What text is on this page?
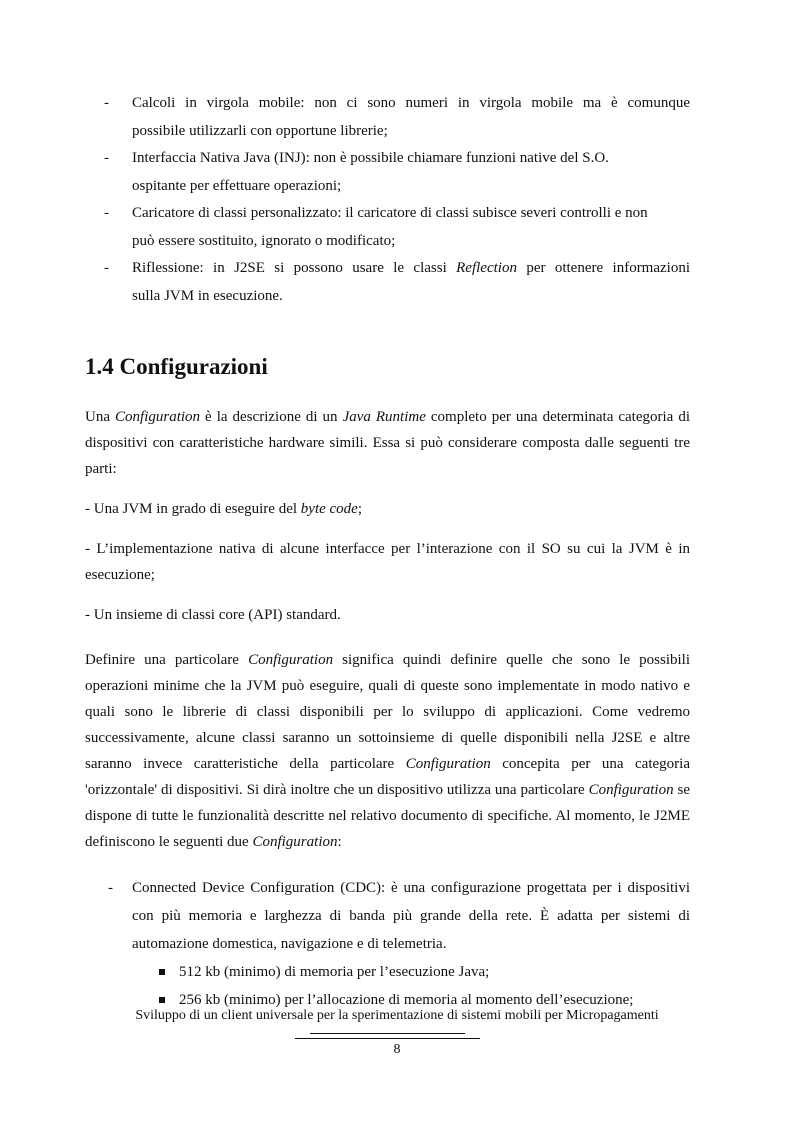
- Calcoli in virgola mobile: non ci sono numeri in virgola mobile ma è comunque
possibile utilizzarli con opportune librerie;
- Interfaccia Nativa Java (INJ): non è possibile chiamare funzioni native del S.O.
ospitante per effettuare operazioni;
- Caricatore di classi personalizzato: il caricatore di classi subisce severi controlli e non
può essere sostituito, ignorato o modificato;
- Riflessione: in J2SE si possono usare le classi Reflection per ottenere informazioni
sulla JVM in esecuzione.
1.4 Configurazioni

Una Configuration è la descrizione di un Java Runtime completo per una determinata categoria di dispositivi con caratteristiche hardware simili. Essa si può considerare composta dalle seguenti tre parti:

- Una JVM in grado di eseguire del byte code;

- L’implementazione nativa di alcune interfacce per l’interazione con il SO su cui la JVM è in esecuzione;

- Un insieme di classi core (API) standard.

Definire una particolare Configuration significa quindi definire quelle che sono le possibili operazioni minime che la JVM può eseguire, quali di queste sono implementate in modo nativo e quali sono le librerie di classi disponibili per lo sviluppo di applicazioni. Come vedremo successivamente, alcune classi saranno un sottoinsieme di quelle disponibili nella J2SE e altre saranno invece caratteristiche della particolare Configuration concepita per una categoria 'orizzontale' di dispositivi. Si dirà inoltre che un dispositivo utilizza una particolare Configuration se dispone di tutte le funzionalità descritte nel relativo documento di specifiche. Al momento, le J2ME definiscono le seguenti due Configuration:

- Connected Device Configuration (CDC): è una configurazione progettata per i dispositivi con più memoria e larghezza di banda più grande della rete. È adatta per sistemi di automazione domestica, navigazione e di telemetria.
512 kb (minimo) di memoria per l’esecuzione Java;
256 kb (minimo) per l’allocazione di memoria al momento dell’esecuzione;
Sviluppo di un client universale per la sperimentazione di sistemi mobili per Micropagamenti
8
